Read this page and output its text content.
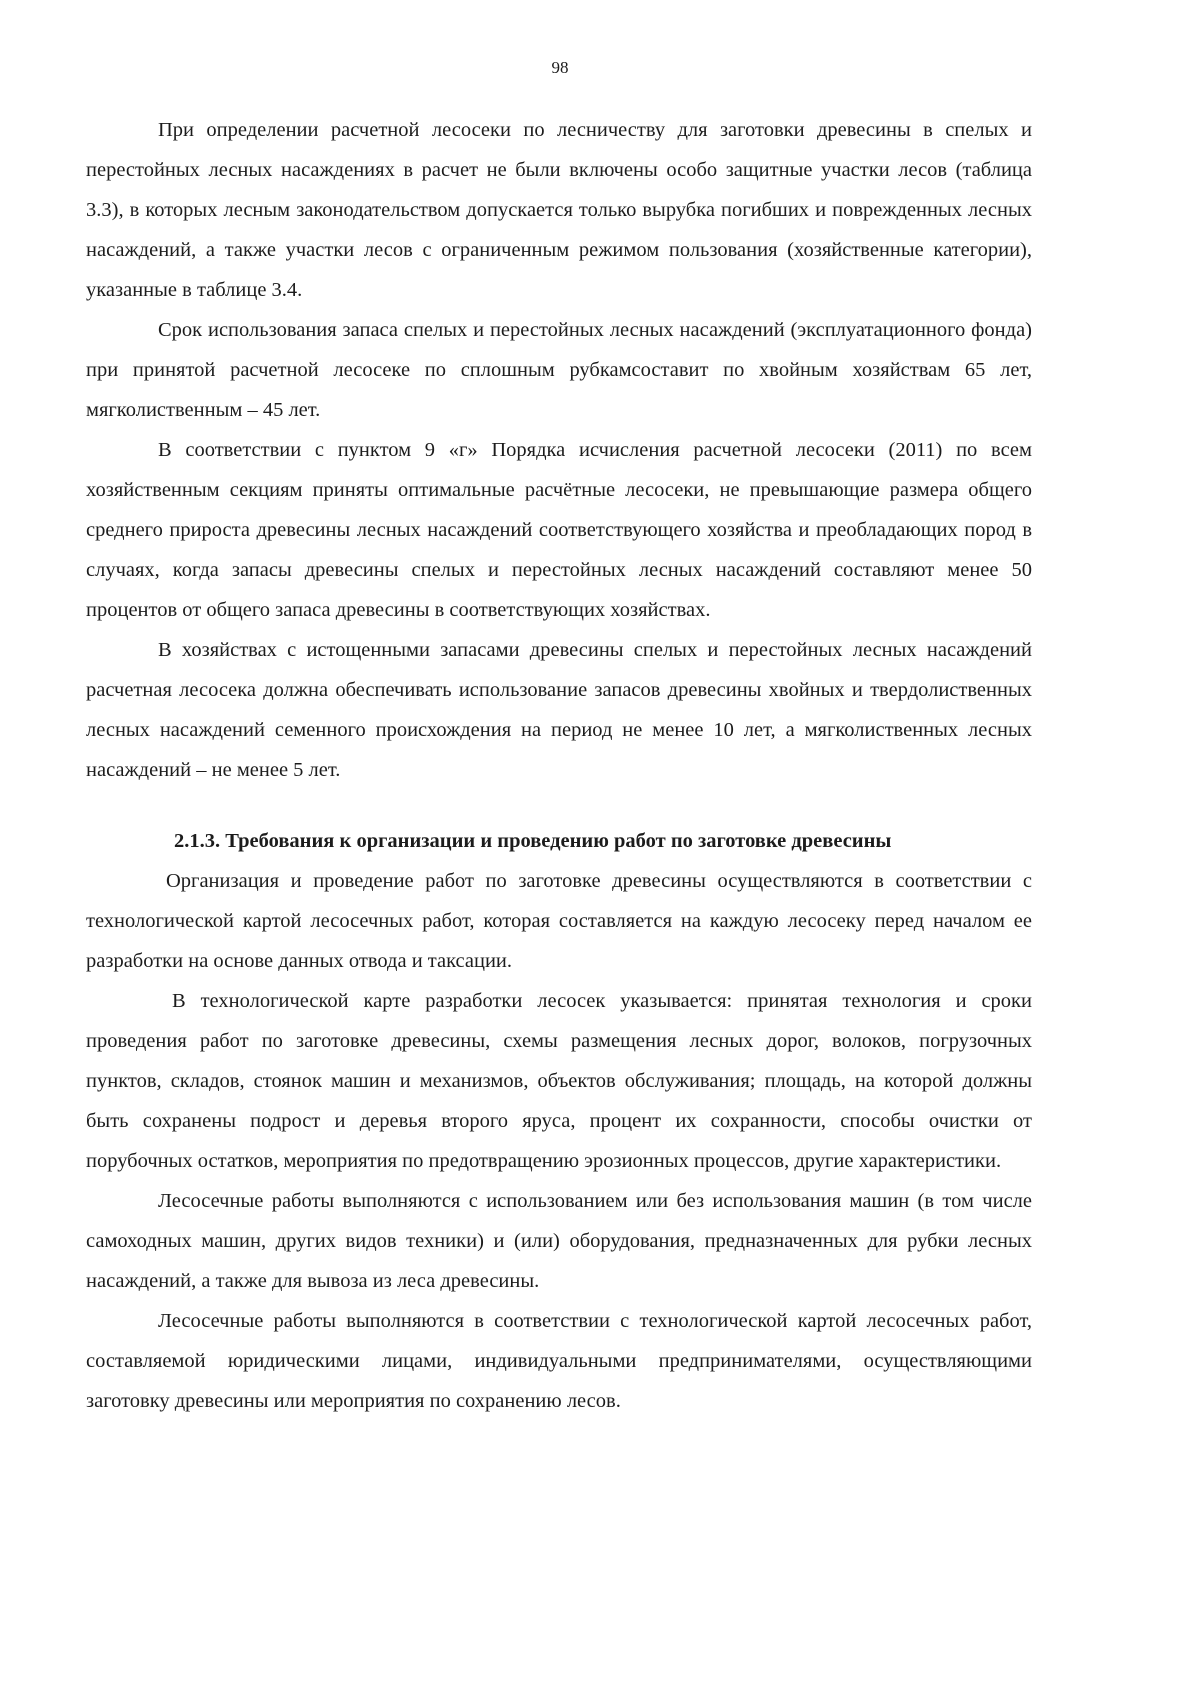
98

При определении расчетной лесосеки по лесничеству для заготовки древесины в спелых и перестойных лесных насаждениях в расчет не были включены особо защитные участки лесов (таблица 3.3), в которых лесным законодательством допускается только вырубка погибших и поврежденных лесных насаждений, а также участки лесов с ограниченным режимом пользования (хозяйственные категории), указанные в таблице 3.4.

Срок использования запаса спелых и перестойных лесных насаждений (эксплуатационного фонда) при принятой расчетной лесосеке по сплошным рубкамсоставит по хвойным хозяйствам 65 лет, мягколиственным – 45 лет.

В соответствии с пунктом 9 «г» Порядка исчисления расчетной лесосеки (2011) по всем хозяйственным секциям приняты оптимальные расчётные лесосеки, не превышающие размера общего среднего прироста древесины лесных насаждений соответствующего хозяйства и преобладающих пород в случаях, когда запасы древесины спелых и перестойных лесных насаждений составляют менее 50 процентов от общего запаса древесины в соответствующих хозяйствах.

В хозяйствах с истощенными запасами древесины спелых и перестойных лесных насаждений расчетная лесосека должна обеспечивать использование запасов древесины хвойных и твердолиственных лесных насаждений семенного происхождения на период не менее 10 лет, а мягколиственных лесных насаждений – не менее 5 лет.

2.1.3. Требования к организации и проведению работ по заготовке древесины

Организация и проведение работ по заготовке древесины осуществляются в соответствии с технологической картой лесосечных работ, которая составляется на каждую лесосеку перед началом ее разработки на основе данных отвода и таксации.

В технологической карте разработки лесосек указывается: принятая технология и сроки проведения работ по заготовке древесины, схемы размещения лесных дорог, волоков, погрузочных пунктов, складов, стоянок машин и механизмов, объектов обслуживания; площадь, на которой должны быть сохранены подрост и деревья второго яруса, процент их сохранности, способы очистки от порубочных остатков, мероприятия по предотвращению эрозионных процессов, другие характеристики.

Лесосечные работы выполняются с использованием или без использования машин (в том числе самоходных машин, других видов техники) и (или) оборудования, предназначенных для рубки лесных насаждений, а также для вывоза из леса древесины.

Лесосечные работы выполняются в соответствии с технологической картой лесосечных работ, составляемой юридическими лицами, индивидуальными предпринимателями, осуществляющими заготовку древесины или мероприятия по сохранению лесов.
